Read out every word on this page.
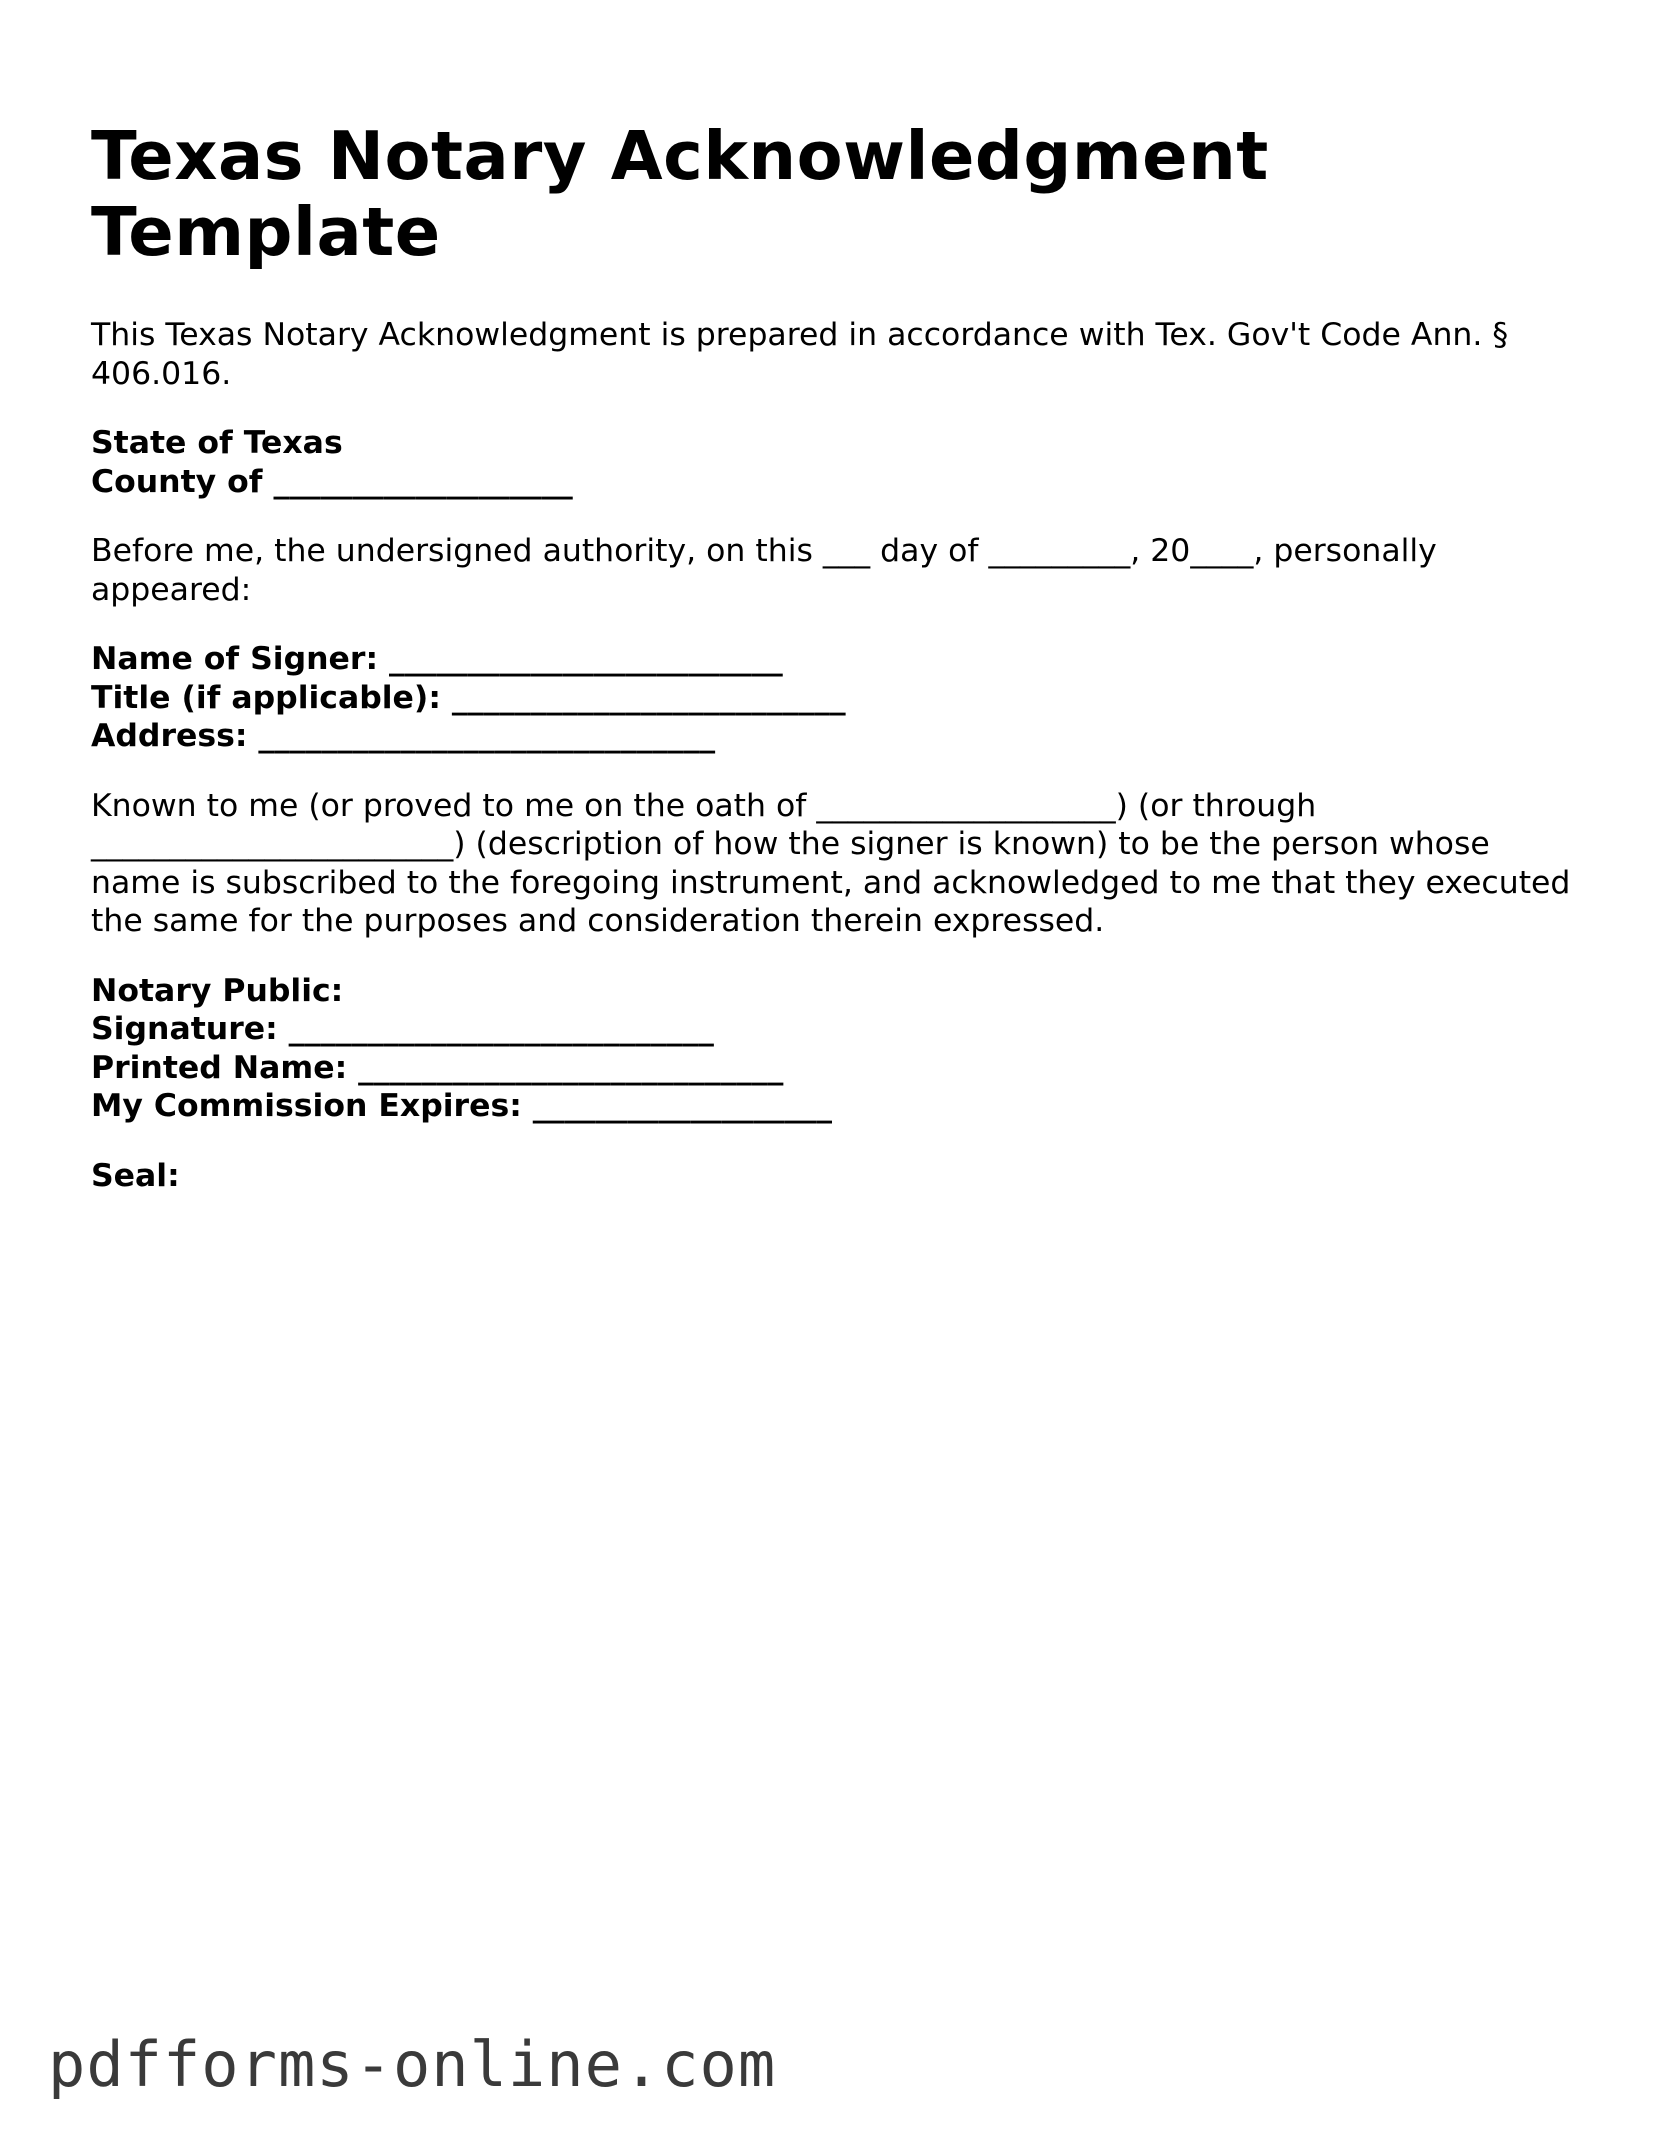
Texas Notary Acknowledgment Template

This Texas Notary Acknowledgment is prepared in accordance with Tex. Gov't Code Ann. § 406.016.

State of Texas
County of ___________________

Before me, the undersigned authority, on this ___ day of _________, 20____, personally appeared:

Name of Signer: _________________________
Title (if applicable): _________________________
Address: _____________________________

Known to me (or proved to me on the oath of ___________________) (or through _______________________) (description of how the signer is known) to be the person whose name is subscribed to the foregoing instrument, and acknowledged to me that they executed the same for the purposes and consideration therein expressed.

Notary Public:
Signature: ___________________________
Printed Name: ___________________________
My Commission Expires: ___________________
Seal:
pdfforms-online.com
